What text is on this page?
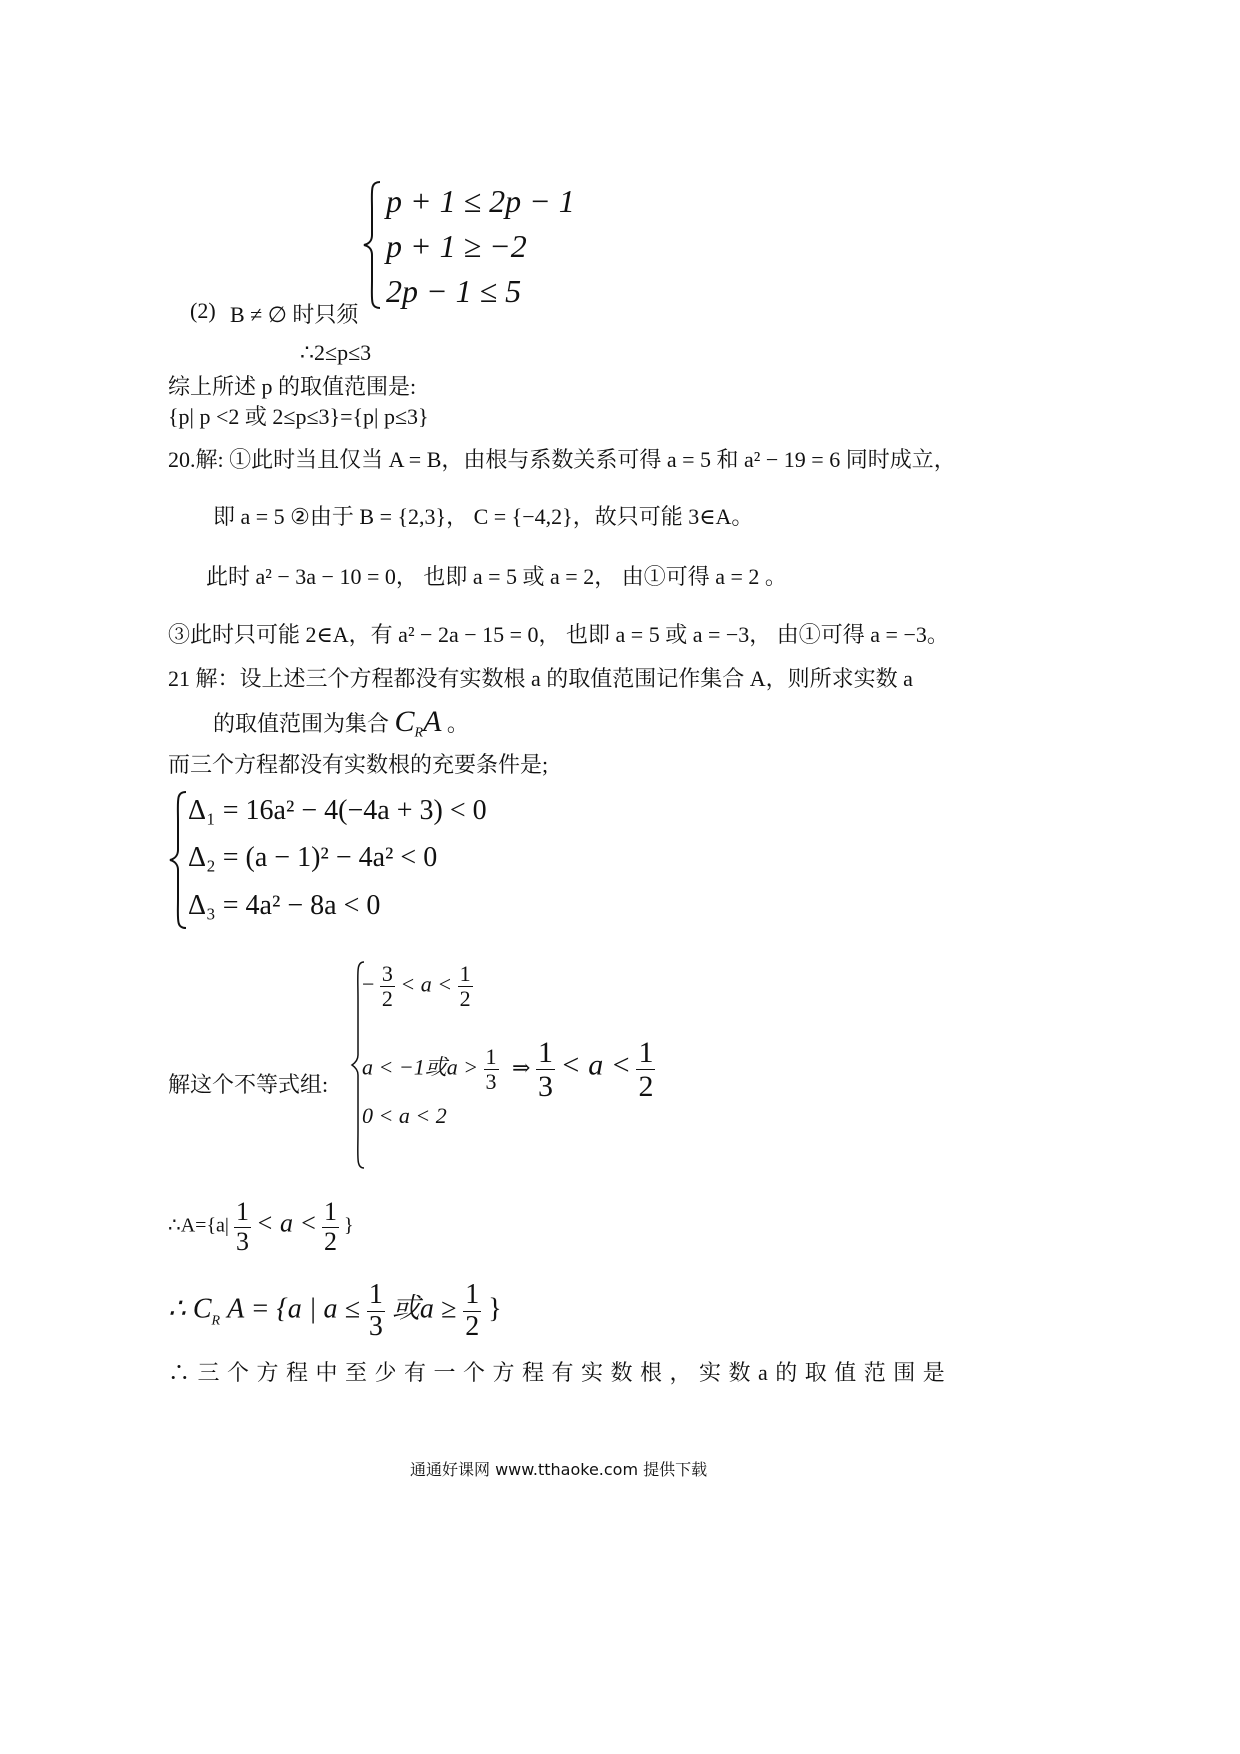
p + 1 ≤ 2p − 1
p + 1 ≥ −2
2p − 1 ≤ 5
(2) B ≠ ∅ 时只须
∴2≤p≤3
综上所述 p 的取值范围是:
{p| p <2 或 2≤p≤3}={p| p≤3}
20.解: ①此时当且仅当 A = B，由根与系数关系可得 a = 5 和 a² − 19 = 6 同时成立，
即 a = 5 ②由于 B = {2,3}， C = {−4,2}，故只可能 3∈A。
此时 a² − 3a − 10 = 0， 也即 a = 5 或 a = 2， 由①可得 a = 2 。
③此时只可能 2∈A，有 a² − 2a − 15 = 0， 也即 a = 5 或 a = −3， 由①可得 a = −3。
21 解：设上述三个方程都没有实数根 a 的取值范围记作集合 A，则所求实数 a
的取值范围为集合 $C_RA$ 。
而三个方程都没有实数根的充要条件是;
Δ₁ = 16a² − 4(−4a + 3) < 0
Δ₂ = (a − 1)² − 4a² < 0
Δ₃ = 4a² − 8a < 0
解这个不等式组:
− $\frac{3}{2} < a < \frac{1}{2}$
a < −1或$a > \frac{1}{3}$ ⇒ $\frac{1}{3} < a < \frac{1}{2}$
0 < a < 2
∴A={a| $\frac{1}{3} < a < \frac{1}{2}$ }
∴ $C_R$ A = {a | $a \le \frac{1}{3}$ 或$a \ge \frac{1}{2}$ }
∴ 三 个 方 程 中 至 少 有 一 个 方 程 有 实 数 根 ， 实 数 a 的 取 值 范 围 是
通通好课网 www.tthaoke.com 提供下载
